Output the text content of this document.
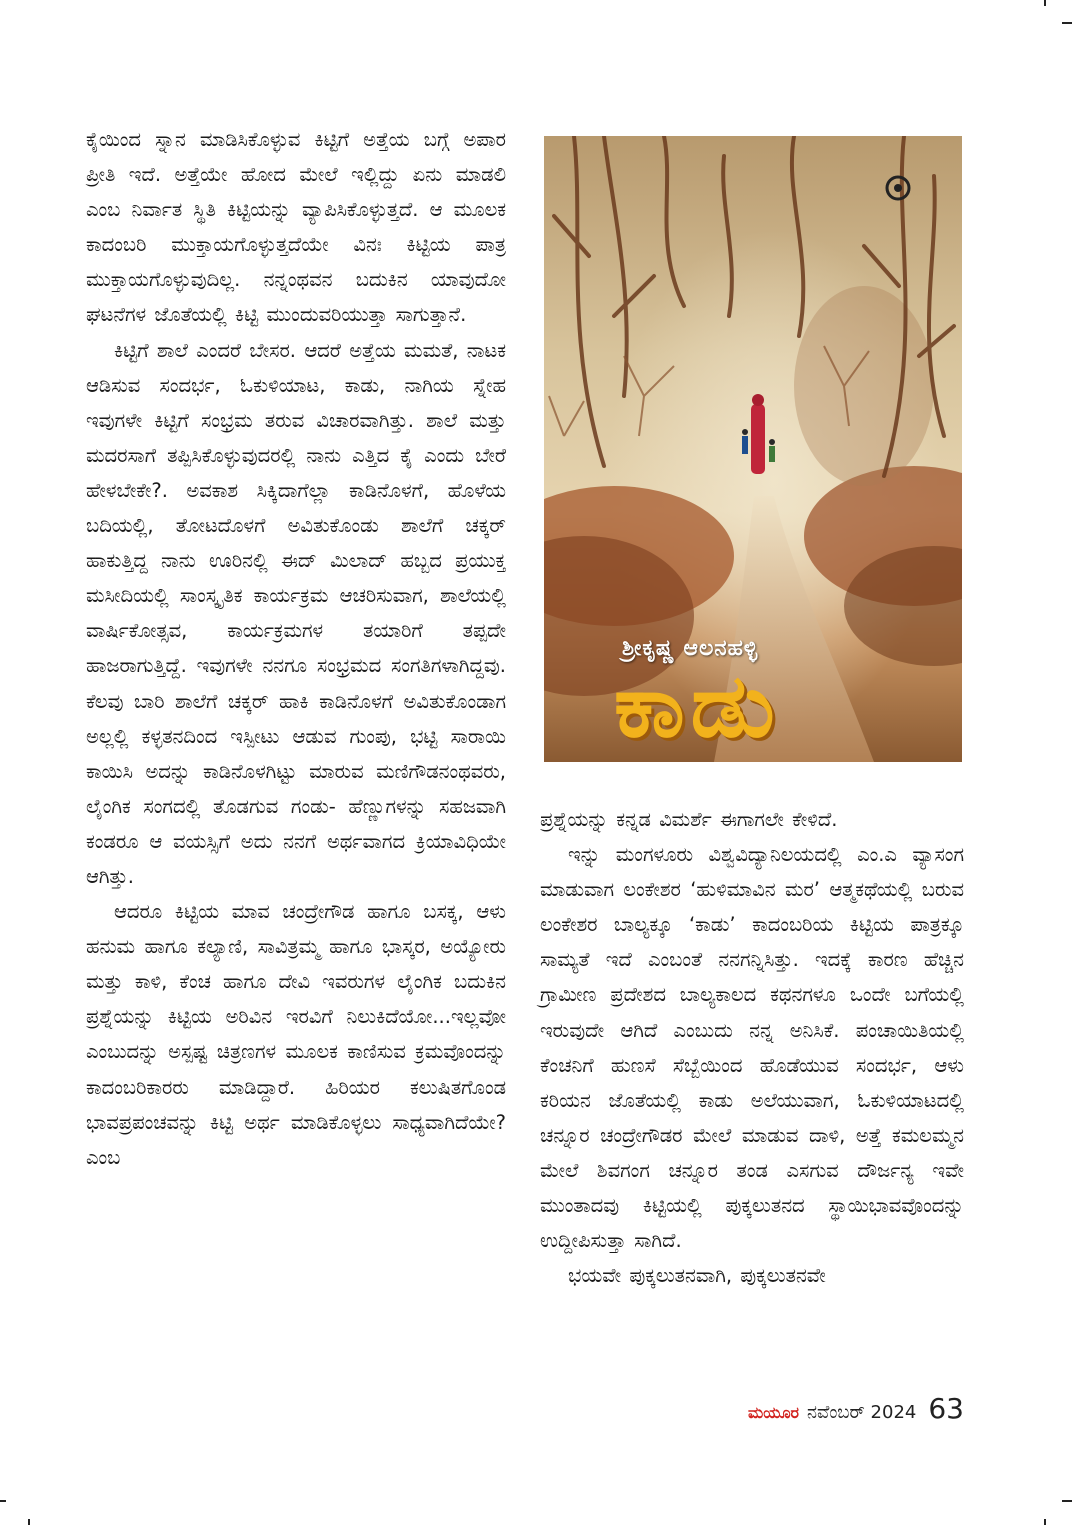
ಕೈಯಿಂದ ಸ್ನಾನ ಮಾಡಿಸಿಕೊಳ್ಳುವ ಕಿಟ್ಟಿಗೆ ಅತ್ತೆಯ ಬಗ್ಗೆ ಅಪಾರ ಪ್ರೀತಿ ಇದೆ. ಅತ್ತೆಯೇ ಹೋದ ಮೇಲೆ ಇಲ್ಲಿದ್ದು ಏನು ಮಾಡಲಿ ಎಂಬ ನಿರ್ವಾತ ಸ್ಥಿತಿ ಕಿಟ್ಟಿಯನ್ನು ವ್ಯಾಪಿಸಿಕೊಳ್ಳುತ್ತದೆ. ಆ ಮೂಲಕ ಕಾದಂಬರಿ ಮುಕ್ತಾಯಗೊಳ್ಳುತ್ತದೆಯೇ ವಿನಃ ಕಿಟ್ಟಿಯ ಪಾತ್ರ ಮುಕ್ತಾಯಗೊಳ್ಳುವುದಿಲ್ಲ. ನನ್ನಂಥವನ ಬದುಕಿನ ಯಾವುದೋ ಘಟನೆಗಳ ಜೊತೆಯಲ್ಲಿ ಕಿಟ್ಟಿ ಮುಂದುವರಿಯುತ್ತಾ ಸಾಗುತ್ತಾನೆ.

ಕಿಟ್ಟಿಗೆ ಶಾಲೆ ಎಂದರೆ ಬೇಸರ. ಆದರೆ ಅತ್ತೆಯ ಮಮತೆ, ನಾಟಕ ಆಡಿಸುವ ಸಂದರ್ಭ, ಓಕುಳಿಯಾಟ, ಕಾಡು, ನಾಗಿಯ ಸ್ನೇಹ ಇವುಗಳೇ ಕಿಟ್ಟಿಗೆ ಸಂಭ್ರಮ ತರುವ ವಿಚಾರವಾಗಿತ್ತು. ಶಾಲೆ ಮತ್ತು ಮದರಸಾಗೆ ತಪ್ಪಿಸಿಕೊಳ್ಳುವುದರಲ್ಲಿ ನಾನು ಎತ್ತಿದ ಕೈ ಎಂದು ಬೇರೆ ಹೇಳಬೇಕೇ?. ಅವಕಾಶ ಸಿಕ್ಕಿದಾಗೆಲ್ಲಾ ಕಾಡಿನೊಳಗೆ, ಹೊಳೆಯ ಬದಿಯಲ್ಲಿ, ತೋಟದೊಳಗೆ ಅವಿತುಕೊಂಡು ಶಾಲೆಗೆ ಚಕ್ಕರ್ ಹಾಕುತ್ತಿದ್ದ ನಾನು ಊರಿನಲ್ಲಿ ಈದ್ ಮಿಲಾದ್ ಹಬ್ಬದ ಪ್ರಯುಕ್ತ ಮಸೀದಿಯಲ್ಲಿ ಸಾಂಸ್ಕೃತಿಕ ಕಾರ್ಯಕ್ರಮ ಆಚರಿಸುವಾಗ, ಶಾಲೆಯಲ್ಲಿ ವಾರ್ಷಿಕೋತ್ಸವ, ಕಾರ್ಯಕ್ರಮಗಳ ತಯಾರಿಗೆ ತಪ್ಪದೇ ಹಾಜರಾಗುತ್ತಿದ್ದೆ. ಇವುಗಳೇ ನನಗೂ ಸಂಭ್ರಮದ ಸಂಗತಿಗಳಾಗಿದ್ದವು. ಕೆಲವು ಬಾರಿ ಶಾಲೆಗೆ ಚಕ್ಕರ್ ಹಾಕಿ ಕಾಡಿನೊಳಗೆ ಅವಿತುಕೊಂಡಾಗ ಅಲ್ಲಲ್ಲಿ ಕಳ್ಳತನದಿಂದ ಇಸ್ಪೀಟು ಆಡುವ ಗುಂಪು, ಭಟ್ಟಿ ಸಾರಾಯಿ ಕಾಯಿಸಿ ಅದನ್ನು ಕಾಡಿನೊಳಗಿಟ್ಟು ಮಾರುವ ಮಣಿಗೌಡನಂಥವರು, ಲೈಂಗಿಕ ಸಂಗದಲ್ಲಿ ತೊಡಗುವ ಗಂಡು- ಹೆಣ್ಣುಗಳನ್ನು ಸಹಜವಾಗಿ ಕಂಡರೂ ಆ ವಯಸ್ಸಿಗೆ ಅದು ನನಗೆ ಅರ್ಥವಾಗದ ಕ್ರಿಯಾವಿಧಿಯೇ ಆಗಿತ್ತು.

ಆದರೂ ಕಿಟ್ಟಿಯ ಮಾವ ಚಂದ್ರೇಗೌಡ ಹಾಗೂ ಬಸಕ್ಕ, ಆಳು ಹನುಮ ಹಾಗೂ ಕಲ್ಯಾಣಿ, ಸಾವಿತ್ರಮ್ಮ ಹಾಗೂ ಭಾಸ್ಕರ, ಅಯ್ಯೋರು ಮತ್ತು ಕಾಳಿ, ಕೆಂಚ ಹಾಗೂ ದೇವಿ ಇವರುಗಳ ಲೈಂಗಿಕ ಬದುಕಿನ ಪ್ರಶ್ನೆಯನ್ನು ಕಿಟ್ಟಿಯ ಅರಿವಿನ ಇರವಿಗೆ ನಿಲುಕಿದೆಯೋ...ಇಲ್ಲವೋ ಎಂಬುದನ್ನು ಅಸ್ಪಷ್ಟ ಚಿತ್ರಣಗಳ ಮೂಲಕ ಕಾಣಿಸುವ ಕ್ರಮವೊಂದನ್ನು ಕಾದಂಬರಿಕಾರರು ಮಾಡಿದ್ದಾರೆ. ಹಿರಿಯರ ಕಲುಷಿತಗೊಂಡ ಭಾವಪ್ರಪಂಚವನ್ನು ಕಿಟ್ಟಿ ಅರ್ಥ ಮಾಡಿಕೊಳ್ಳಲು ಸಾಧ್ಯವಾಗಿದೆಯೇ? ಎಂಬ

ಶ್ರೀಕೃಷ್ಣ ಆಲನಹಳ್ಳಿ
ಕಾಡು

ಪ್ರಶ್ನೆಯನ್ನು ಕನ್ನಡ ವಿಮರ್ಶೆ ಈಗಾಗಲೇ ಕೇಳಿದೆ.

ಇನ್ನು ಮಂಗಳೂರು ವಿಶ್ವವಿದ್ಯಾನಿಲಯದಲ್ಲಿ ಎಂ.ಎ ವ್ಯಾಸಂಗ ಮಾಡುವಾಗ ಲಂಕೇಶರ ‘ಹುಳಿಮಾವಿನ ಮರ’ ಆತ್ಮಕಥೆಯಲ್ಲಿ ಬರುವ ಲಂಕೇಶರ ಬಾಲ್ಯಕ್ಕೂ ‘ಕಾಡು’ ಕಾದಂಬರಿಯ ಕಿಟ್ಟಿಯ ಪಾತ್ರಕ್ಕೂ ಸಾಮ್ಯತೆ ಇದೆ ಎಂಬಂತೆ ನನಗನ್ನಿಸಿತ್ತು. ಇದಕ್ಕೆ ಕಾರಣ ಹೆಚ್ಚಿನ ಗ್ರಾಮೀಣ ಪ್ರದೇಶದ ಬಾಲ್ಯಕಾಲದ ಕಥನಗಳೂ ಒಂದೇ ಬಗೆಯಲ್ಲಿ ಇರುವುದೇ ಆಗಿದೆ ಎಂಬುದು ನನ್ನ ಅನಿಸಿಕೆ. ಪಂಚಾಯಿತಿಯಲ್ಲಿ ಕೆಂಚನಿಗೆ ಹುಣಸೆ ಸೆಬ್ಬೆಯಿಂದ ಹೊಡೆಯುವ ಸಂದರ್ಭ, ಆಳು ಕರಿಯನ ಜೊತೆಯಲ್ಲಿ ಕಾಡು ಅಲೆಯುವಾಗ, ಓಕುಳಿಯಾಟದಲ್ಲಿ ಚನ್ನೂರ ಚಂದ್ರೇಗೌಡರ ಮೇಲೆ ಮಾಡುವ ದಾಳಿ, ಅತ್ತೆ ಕಮಲಮ್ಮನ ಮೇಲೆ ಶಿವಗಂಗ ಚನ್ನೂರ ತಂಡ ಎಸಗುವ ದೌರ್ಜನ್ಯ ಇವೇ ಮುಂತಾದವು ಕಿಟ್ಟಿಯಲ್ಲಿ ಪುಕ್ಕಲುತನದ ಸ್ಥಾಯಿಭಾವವೊಂದನ್ನು ಉದ್ದೀಪಿಸುತ್ತಾ ಸಾಗಿದೆ.

ಭಯವೇ ಪುಕ್ಕಲುತನವಾಗಿ, ಪುಕ್ಕಲುತನವೇ

ಮಯೂರ ನವೆಂಬರ್ 2024 63
